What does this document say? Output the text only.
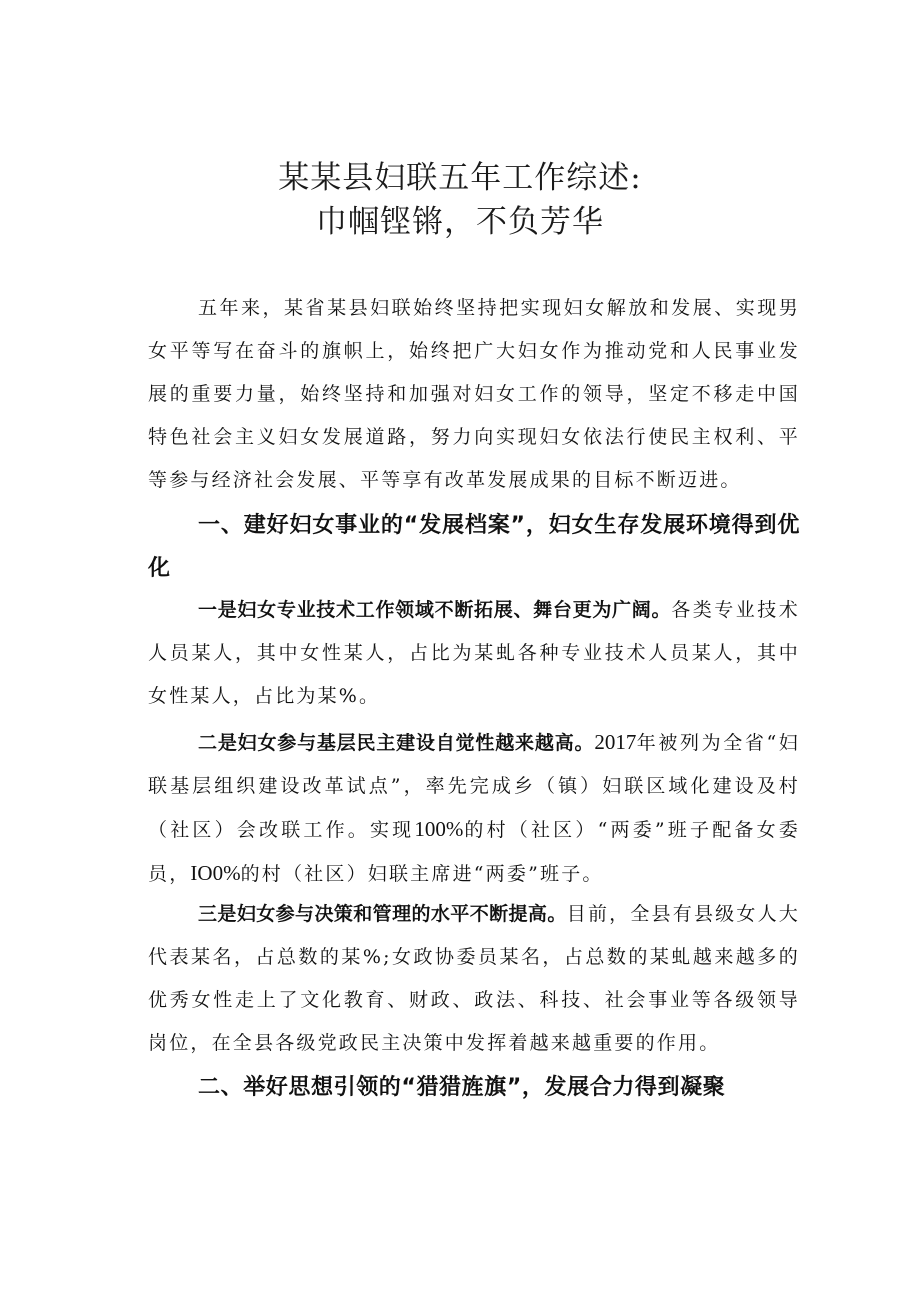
某某县妇联五年工作综述:
巾帼铿锵，不负芳华

五年来，某省某县妇联始终坚持把实现妇女解放和发展、实现男女平等写在奋斗的旗帜上，始终把广大妇女作为推动党和人民事业发展的重要力量，始终坚持和加强对妇女工作的领导，坚定不移走中国特色社会主义妇女发展道路，努力向实现妇女依法行使民主权利、平等参与经济社会发展、平等享有改革发展成果的目标不断迈进。

一、建好妇女事业的“发展档案”，妇女生存发展环境得到优化

一是妇女专业技术工作领域不断拓展、舞台更为广阔。各类专业技术人员某人，其中女性某人，占比为某虬各种专业技术人员某人，其中女性某人，占比为某%。

二是妇女参与基层民主建设自觉性越来越高。2017年被列为全省“妇联基层组织建设改革试点”，率先完成乡（镇）妇联区域化建设及村（社区）会改联工作。实现100%的村（社区）“两委”班子配备女委员，IO0%的村（社区）妇联主席进“两委”班子。

三是妇女参与决策和管理的水平不断提高。目前，全县有县级女人大代表某名，占总数的某%;女政协委员某名，占总数的某虬越来越多的优秀女性走上了文化教育、财政、政法、科技、社会事业等各级领导岗位，在全县各级党政民主决策中发挥着越来越重要的作用。

二、举好思想引领的“猎猎旌旗”，发展合力得到凝聚
